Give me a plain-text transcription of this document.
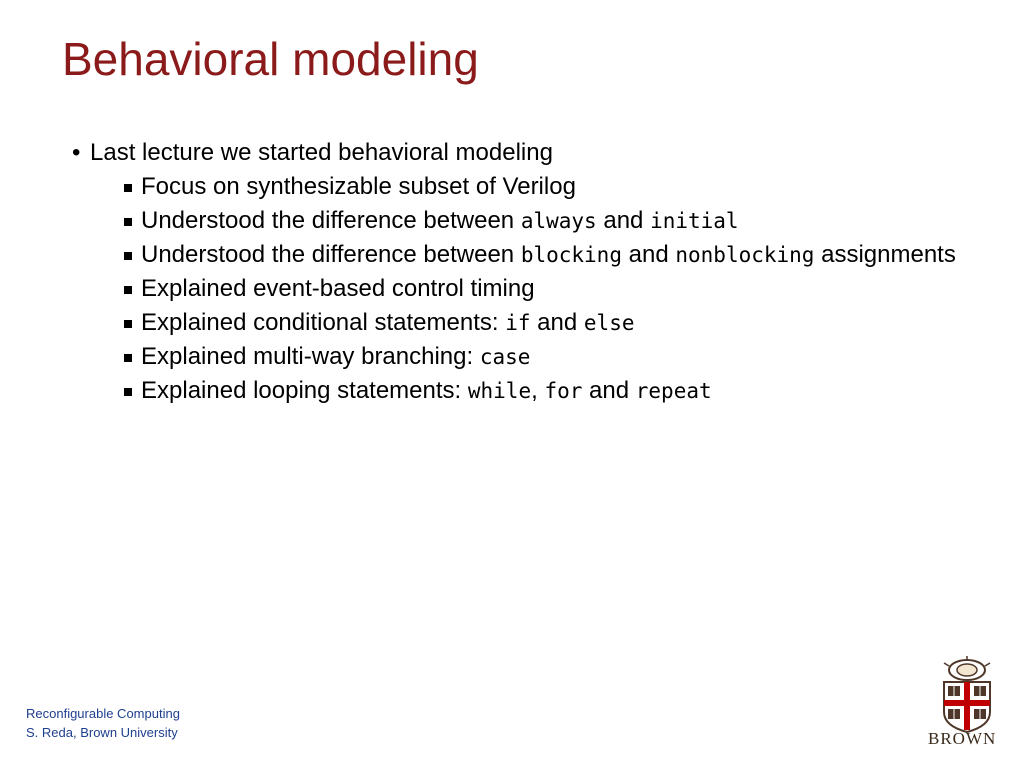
Behavioral modeling
• Last lecture we started behavioral modeling
Focus on synthesizable subset of Verilog
Understood the difference between always and initial
Understood the difference between blocking and nonblocking assignments
Explained event-based control timing
Explained conditional statements: if and else
Explained multi-way branching: case
Explained looping statements: while, for and repeat
Reconfigurable Computing
S. Reda, Brown University	BROWN
